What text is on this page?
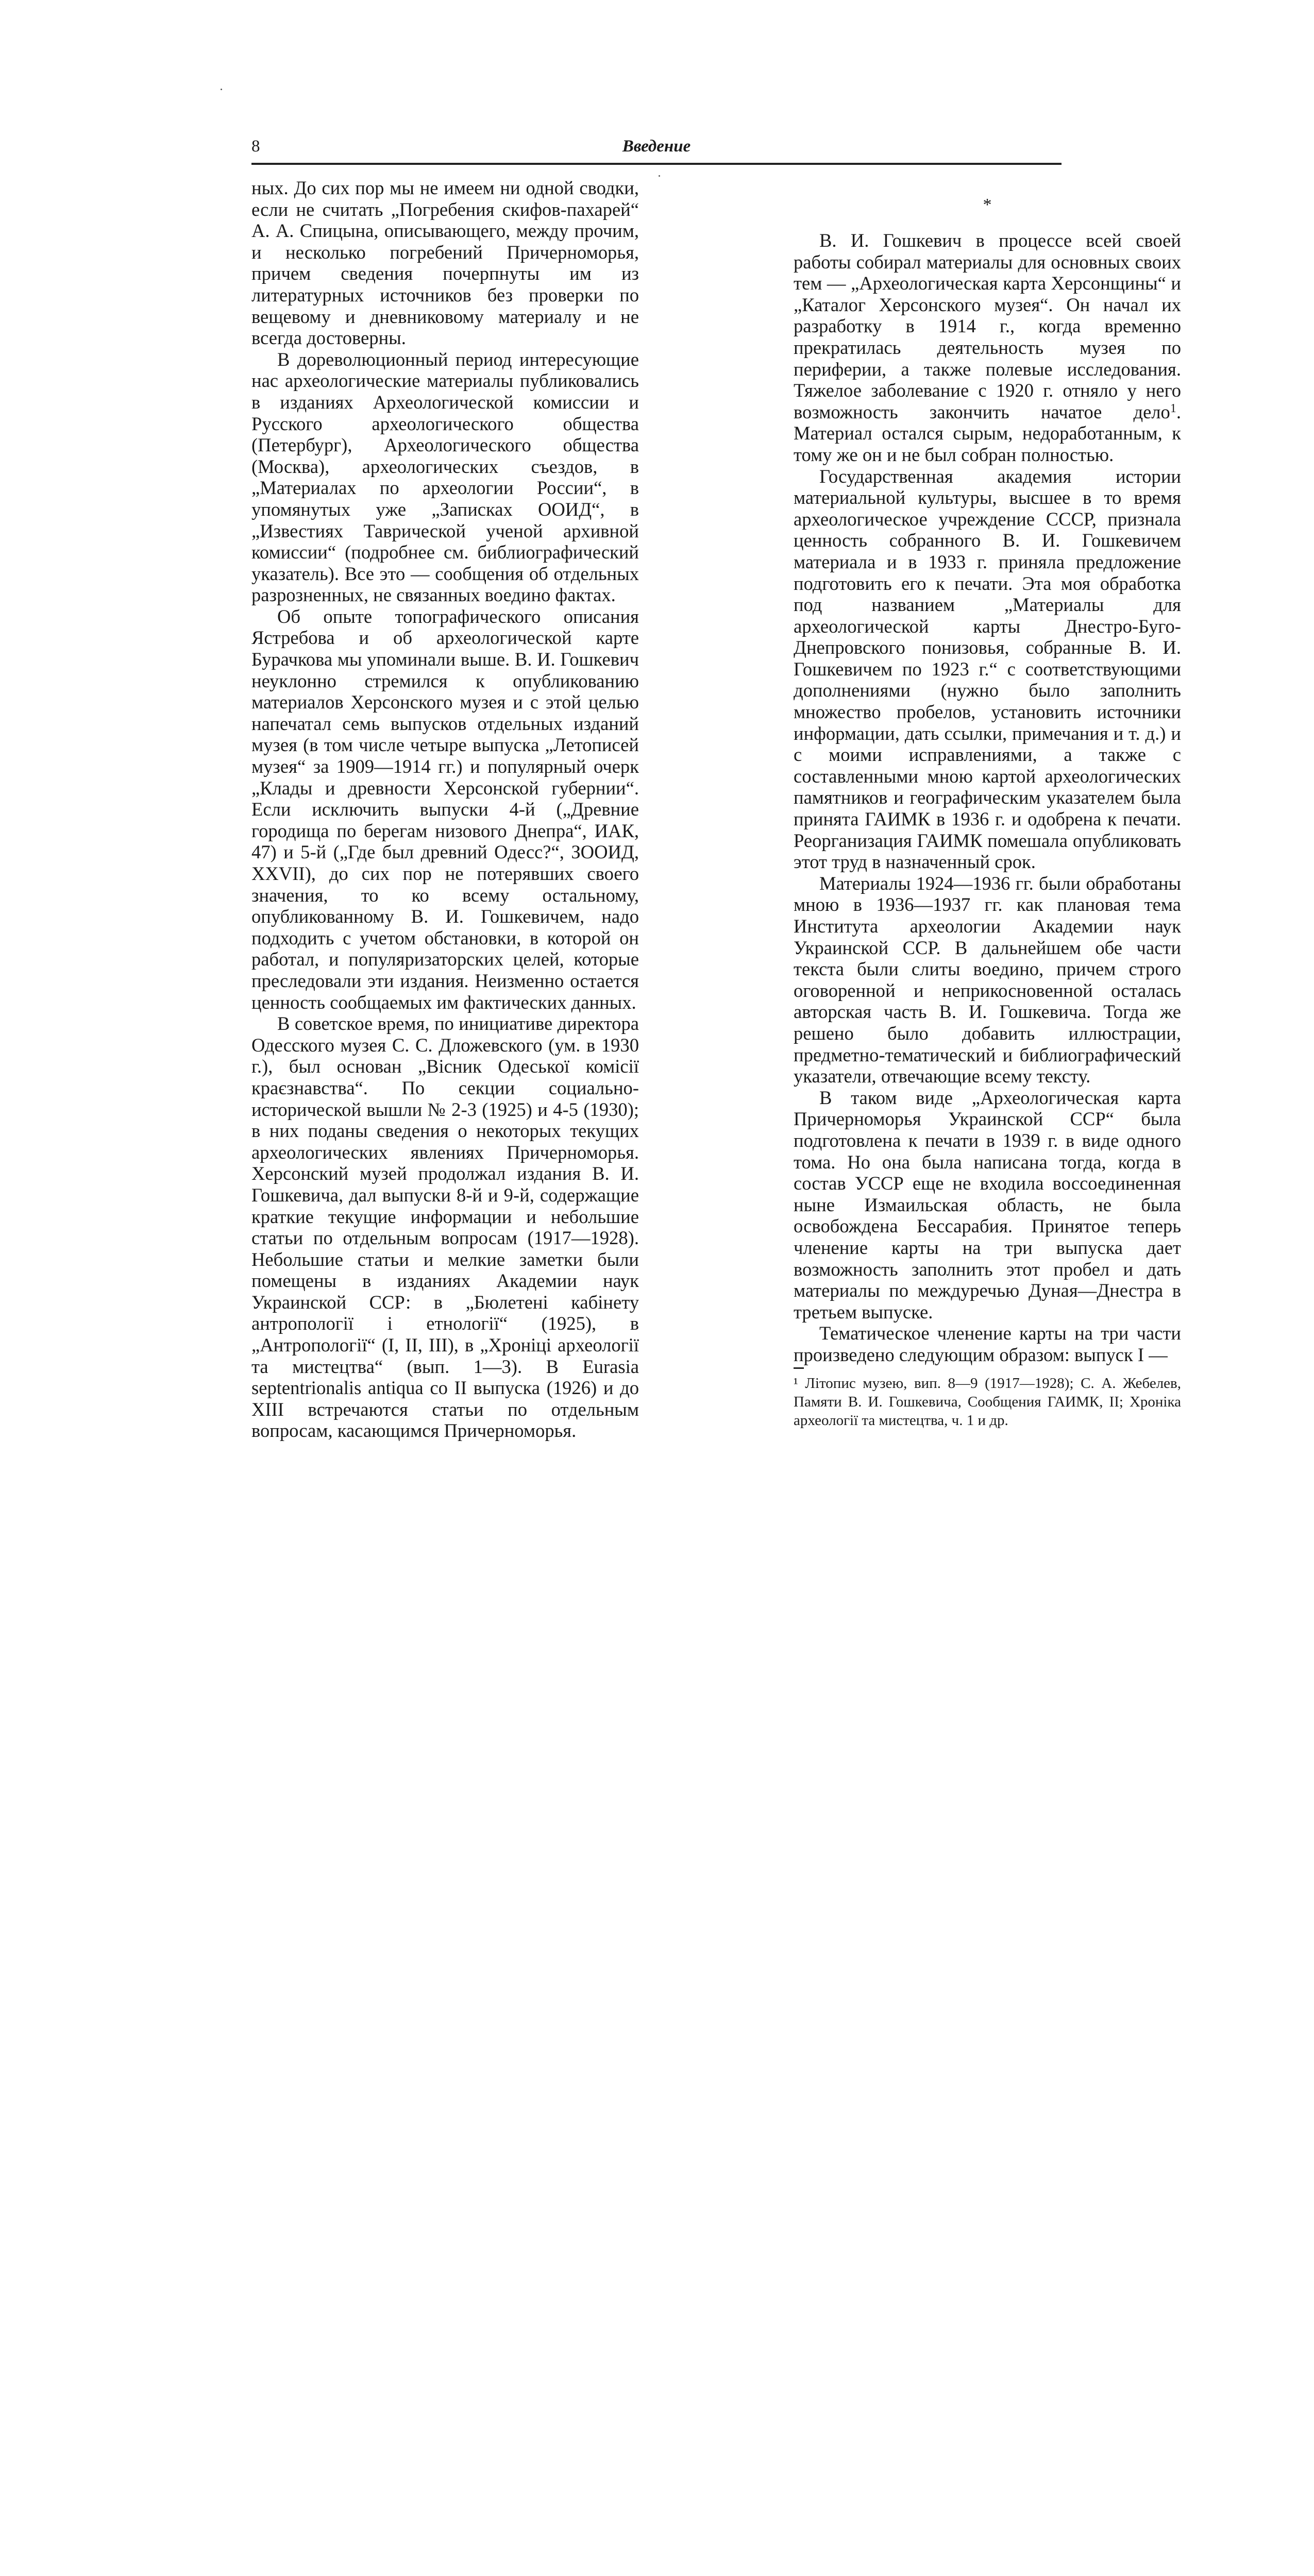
8	Введение

ных. До сих пор мы не имеем ни одной сводки, если не считать „Погребения скифов-пахарей“ А. А. Спицына, описывающего, между прочим, и несколько погребений Причерноморья, причем сведения почерпнуты им из литературных источников без проверки по вещевому и дневниковому материалу и не всегда достоверны.

В дореволюционный период интересующие нас археологические материалы публиковались в изданиях Археологической комиссии и Русского археологического общества (Петербург), Археологического общества (Москва), археологических съездов, в „Материалах по археологии России“, в упомянутых уже „Записках ООИД“, в „Известиях Таврической ученой архивной комиссии“ (подробнее см. библиографический указатель). Все это — сообщения об отдельных разрозненных, не связанных воедино фактах.

Об опыте топографического описания Ястребова и об археологической карте Бурачкова мы упоминали выше. В. И. Гошкевич неуклонно стремился к опубликованию материалов Херсонского музея и с этой целью напечатал семь выпусков отдельных изданий музея (в том числе четыре выпуска „Летописей музея“ за 1909—1914 гг.) и популярный очерк „Клады и древности Херсонской губернии“. Если исключить выпуски 4-й („Древние городища по берегам низового Днепра“, ИАК, 47) и 5-й („Где был древний Одесс?“, ЗООИД, XXVII), до сих пор не потерявших своего значения, то ко всему остальному, опубликованному В. И. Гошкевичем, надо подходить с учетом обстановки, в которой он работал, и популяризаторских целей, которые преследовали эти издания. Неизменно остается ценность сообщаемых им фактических данных.

В советское время, по инициативе директора Одесского музея С. С. Дложевского (ум. в 1930 г.), был основан „Вісник Одеської комісії краєзнавства“. По секции социально-исторической вышли № 2-3 (1925) и 4-5 (1930); в них поданы сведения о некоторых текущих археологических явлениях Причерноморья. Херсонский музей продолжал издания В. И. Гошкевича, дал выпуски 8-й и 9-й, содержащие краткие текущие информации и небольшие статьи по отдельным вопросам (1917—1928). Небольшие статьи и мелкие заметки были помещены в изданиях Академии наук Украинской ССР: в „Бюлетені кабінету антропології і етнології“ (1925), в „Антропології“ (I, II, III), в „Хроніці археології та мистецтва“ (вып. 1—3). В Eurasia septentrionalis antiqua со II выпуска (1926) и до XIII встречаются статьи по отдельным вопросам, касающимся Причерноморья.

*

В. И. Гошкевич в процессе всей своей работы собирал материалы для основных своих тем — „Археологическая карта Херсонщины“ и „Каталог Херсонского музея“. Он начал их разработку в 1914 г., когда временно прекратилась деятельность музея по периферии, а также полевые исследования. Тяжелое заболевание с 1920 г. отняло у него возможность закончить начатое дело$^1$. Материал остался сырым, недоработанным, к тому же он и не был собран полностью.

Государственная академия истории материальной культуры, высшее в то время археологическое учреждение СССР, признала ценность собранного В. И. Гошкевичем материала и в 1933 г. приняла предложение подготовить его к печати. Эта моя обработка под названием „Материалы для археологической карты Днестро-Буго-Днепровского понизовья, собранные В. И. Гошкевичем по 1923 г.“ с соответствующими дополнениями (нужно было заполнить множество пробелов, установить источники информации, дать ссылки, примечания и т. д.) и с моими исправлениями, а также с составленными мною картой археологических памятников и географическим указателем была принята ГАИМК в 1936 г. и одобрена к печати. Реорганизация ГАИМК помешала опубликовать этот труд в назначенный срок.

Материалы 1924—1936 гг. были обработаны мною в 1936—1937 гг. как плановая тема Института археологии Академии наук Украинской ССР. В дальнейшем обе части текста были слиты воедино, причем строго оговоренной и неприкосновенной осталась авторская часть В. И. Гошкевича. Тогда же решено было добавить иллюстрации, предметно-тематический и библиографический указатели, отвечающие всему тексту.

В таком виде „Археологическая карта Причерноморья Украинской ССР“ была подготовлена к печати в 1939 г. в виде одного тома. Но она была написана тогда, когда в состав УССР еще не входила воссоединенная ныне Измаильская область, не была освобождена Бессарабия. Принятое теперь членение карты на три выпуска дает возможность заполнить этот пробел и дать материалы по междуречью Дуная—Днестра в третьем выпуске.

Тематическое членение карты на три части произведено следующим образом: выпуск I —

¹ Літопис музею, вип. 8—9 (1917—1928); С. А. Жебелев, Памяти В. И. Гошкевича, Сообщения ГАИМК, II; Хроніка археології та мистецтва, ч. 1 и др.
